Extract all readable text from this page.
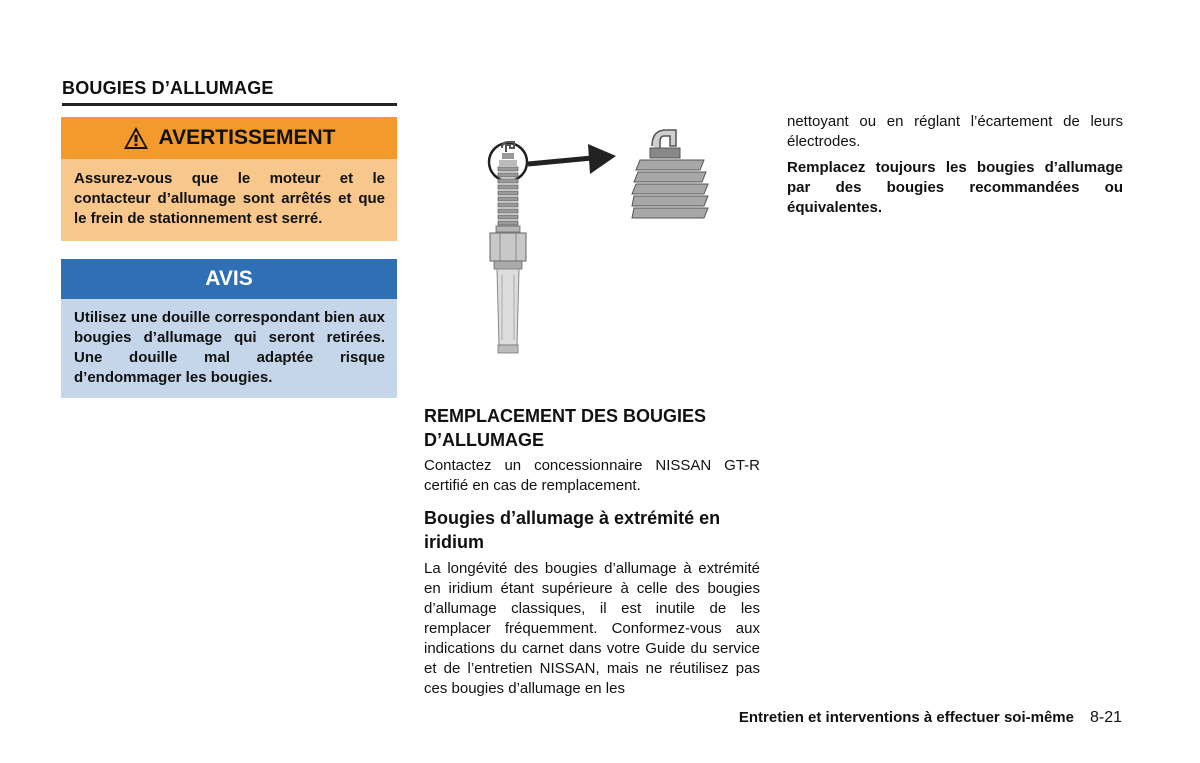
BOUGIES D’ALLUMAGE
AVERTISSEMENT
Assurez-vous que le moteur et le contacteur d’allumage sont arrêtés et que le frein de stationnement est serré.
AVIS
Utilisez une douille correspondant bien aux bougies d’allumage qui seront retirées. Une douille mal adaptée risque d’endommager les bougies.
REMPLACEMENT DES BOUGIES D’ALLUMAGE
Contactez un concessionnaire NISSAN GT-R certifié en cas de remplacement.
Bougies d’allumage à extrémité en iridium
La longévité des bougies d’allumage à extrémité en iridium étant supérieure à celle des bougies d’allumage classiques, il est inutile de les remplacer fréquemment. Conformez-vous aux indications du carnet dans votre Guide du service et de l’entretien NISSAN, mais ne réutilisez pas ces bougies d’allumage en les
nettoyant ou en réglant l’écartement de leurs électrodes.
Remplacez toujours les bougies d’allumage par des bougies recommandées ou équivalentes.
Entretien et interventions à effectuer soi-même 8-21
